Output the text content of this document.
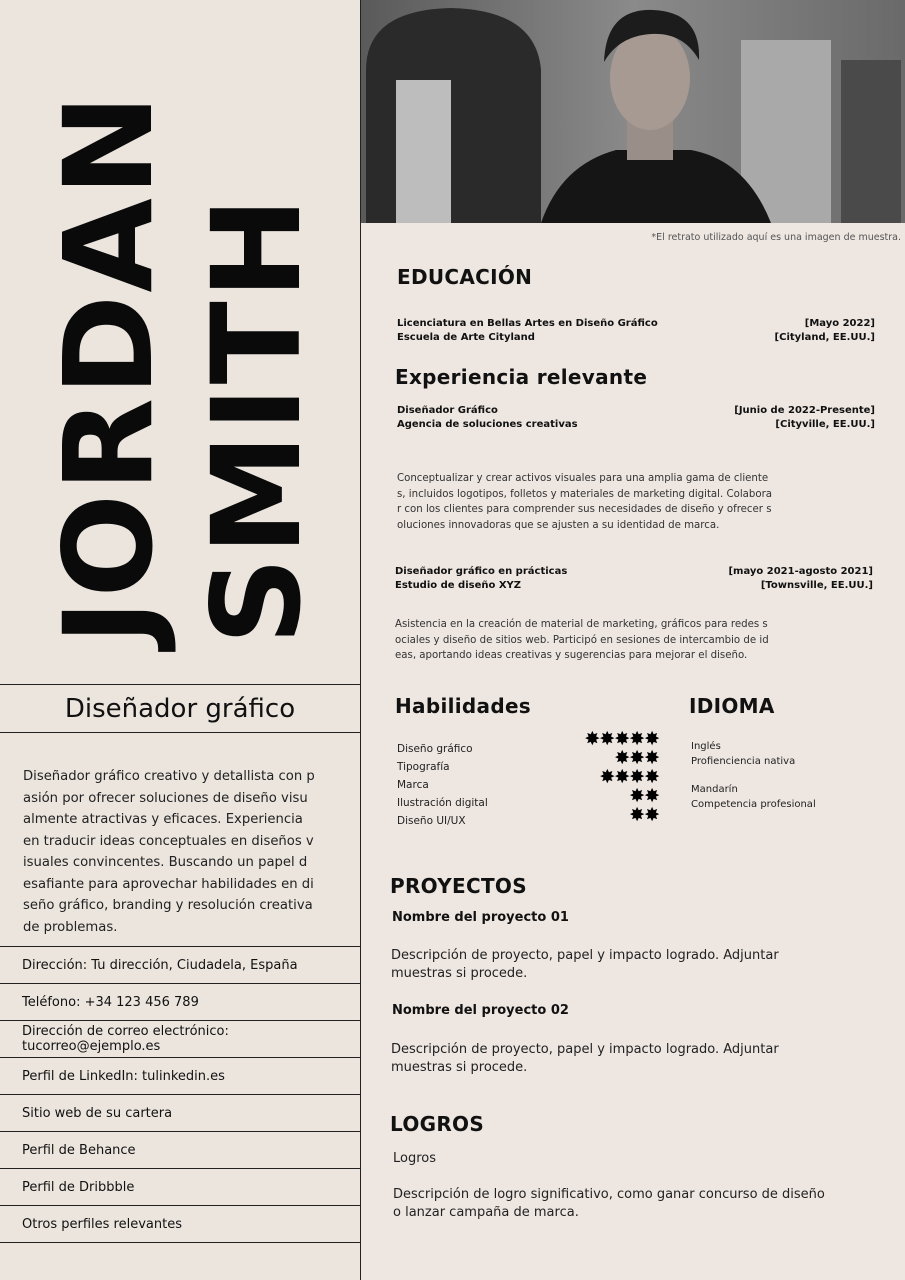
JORDAN SMITH
Diseñador gráfico
Diseñador gráfico creativo y detallista con pasión por ofrecer soluciones de diseño visualmente atractivas y eficaces. Experiencia en traducir ideas conceptuales en diseños visuales convincentes. Buscando un papel desafiante para aprovechar habilidades en diseño gráfico, branding y resolución creativa de problemas.
Dirección: Tu dirección, Ciudadela, España
Teléfono: +34 123 456 789
Dirección de correo electrónico: tucorreo@ejemplo.es
Perfil de LinkedIn: tulinkedin.es
Sitio web de su cartera
Perfil de Behance
Perfil de Dribbble
Otros perfiles relevantes
*El retrato utilizado aquí es una imagen de muestra.
EDUCACIÓN
Licenciatura en Bellas Artes en Diseño Gráfico
Escuela de Arte Cityland
[Mayo 2022]
[Cityland, EE.UU.]
Experiencia relevante
Diseñador Gráfico
Agencia de soluciones creativas
[Junio de 2022-Presente]
[Cityville, EE.UU.]
Conceptualizar y crear activos visuales para una amplia gama de clientes, incluidos logotipos, folletos y materiales de marketing digital. Colaborar con los clientes para comprender sus necesidades de diseño y ofrecer soluciones innovadoras que se ajusten a su identidad de marca.
Diseñador gráfico en prácticas
Estudio de diseño XYZ
[mayo 2021-agosto 2021]
[Townsville, EE.UU.]
Asistencia en la creación de material de marketing, gráficos para redes sociales y diseño de sitios web. Participó en sesiones de intercambio de ideas, aportando ideas creativas y sugerencias para mejorar el diseño.
Habilidades
Diseño gráfico
Tipografía
Marca
Ilustración digital
Diseño UI/UX
✸✸✸✸✸
✸✸✸
✸✸✸✸
✸✸
✸✸
IDIOMA
Inglés
Profienciencia nativa
Mandarín
Competencia profesional
PROYECTOS
Nombre del proyecto 01
Descripción de proyecto, papel y impacto logrado. Adjuntar muestras si procede.
Nombre del proyecto 02
Descripción de proyecto, papel y impacto logrado. Adjuntar muestras si procede.
LOGROS
Logros
Descripción de logro significativo, como ganar concurso de diseño o lanzar campaña de marca.
